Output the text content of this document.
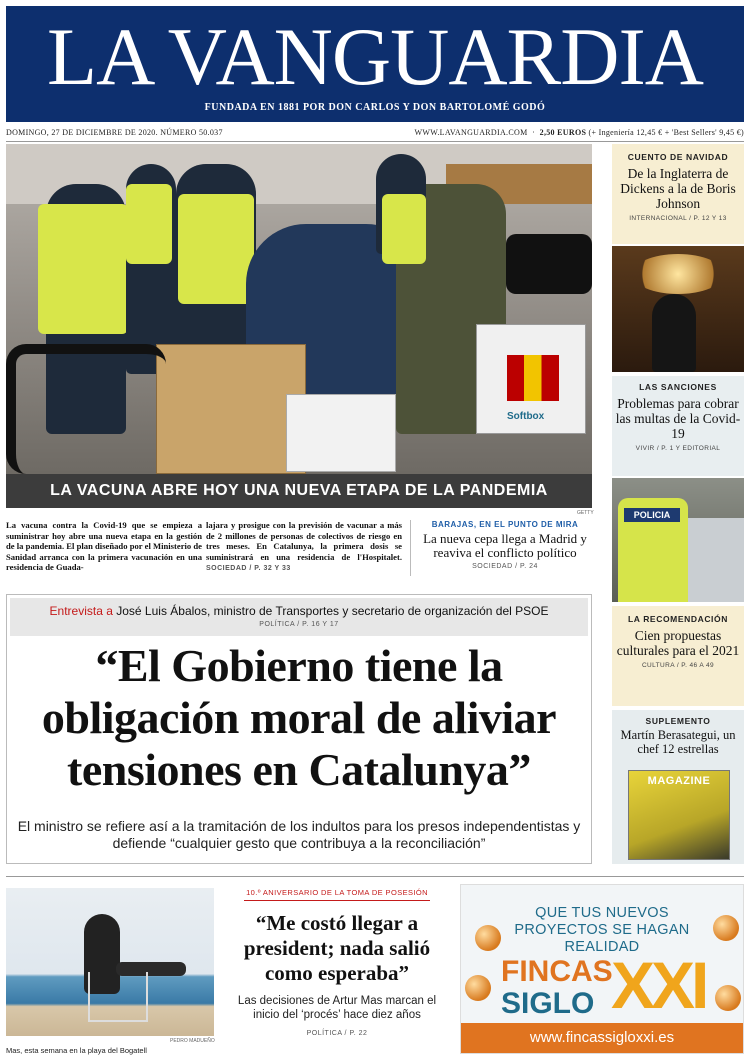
LA VANGUARDIA
FUNDADA EN 1881 POR DON CARLOS Y DON BARTOLOMÉ GODÓ
DOMINGO, 27 DE DICIEMBRE DE 2020. NÚMERO 50.037	WWW.LAVANGUARDIA.COM  ·  2,50 EUROS (+ Ingeniería 12,45 € + 'Best Sellers' 9,45 €)
Softbox
GETTY
LA VACUNA ABRE HOY UNA NUEVA ETAPA DE LA PANDEMIA
La vacuna contra la Covid-19 que se empieza a suministrar hoy abre una nueva etapa en la gestión de la pandemia. El plan diseñado por el Ministerio de Sanidad arranca con la primera vacunación en una residencia de Guada-
lajara y prosigue con la previsión de vacunar a más de 2 millones de personas de colectivos de riesgo en tres meses. En Catalunya, la primera dosis se suministrará en una residencia de l'Hospitalet. SOCIEDAD / P. 32 Y 33
BARAJAS, EN EL PUNTO DE MIRA
La nueva cepa llega a Madrid y reaviva el conflicto político
SOCIEDAD / P. 24
Entrevista a José Luis Ábalos, ministro de Transportes y secretario de organización del PSOE
POLÍTICA / P. 16 Y 17
“El Gobierno tiene la obligación moral de aliviar tensiones en Catalunya”
El ministro se refiere así a la tramitación de los indultos para los presos independentistas y defiende “cualquier gesto que contribuya a la reconciliación”
CUENTO DE NAVIDAD
De la Inglaterra de Dickens a la de Boris Johnson
INTERNACIONAL / P. 12 Y 13
LAS SANCIONES
Problemas para cobrar las multas de la Covid-19
VIVIR / P. 1 Y EDITORIAL
POLICIA
LA RECOMENDACIÓN
Cien propuestas culturales para el 2021
CULTURA / P. 46 A 49
SUPLEMENTO
Martín Berasategui, un chef 12 estrellas
MAGAZINE
PEDRO MADUEÑO
Mas, esta semana en la playa del Bogatell
10.º ANIVERSARIO DE LA TOMA DE POSESIÓN
“Me costó llegar a president; nada salió como esperaba”
Las decisiones de Artur Mas marcan el inicio del ‘procés’ hace diez años
POLÍTICA / P. 22
QUE TUS NUEVOS PROYECTOS SE HAGAN REALIDAD
FINCAS
SIGLO XXI
www.fincassigloxxi.es
